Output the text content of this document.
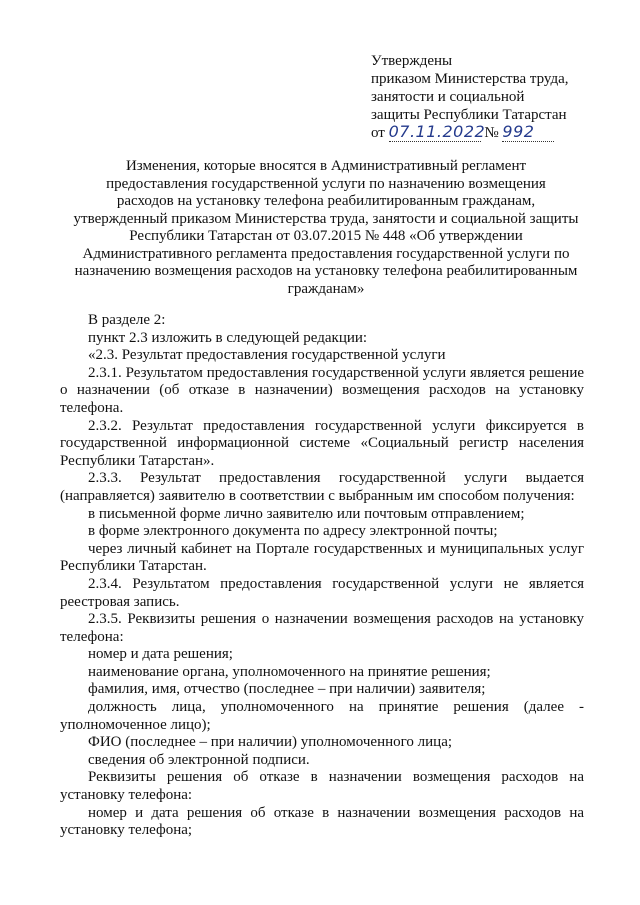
Утверждены
приказом Министерства труда,
занятости и социальной
защиты Республики Татарстан
от 07.11.2022 № 992
Изменения, которые вносятся в Административный регламент
предоставления государственной услуги по назначению возмещения
расходов на установку телефона реабилитированным гражданам,
утвержденный приказом Министерства труда, занятости и социальной защиты
Республики Татарстан от 03.07.2015 № 448 «Об утверждении
Административного регламента предоставления государственной услуги по
назначению возмещения расходов на установку телефона реабилитированным
гражданам»

В разделе 2:

пункт 2.3 изложить в следующей редакции:

«2.3. Результат предоставления государственной услуги

2.3.1. Результатом предоставления государственной услуги является решение о назначении (об отказе в назначении) возмещения расходов на установку телефона.

2.3.2. Результат предоставления государственной услуги фиксируется в государственной информационной системе «Социальный регистр населения Республики Татарстан».

2.3.3. Результат предоставления государственной услуги выдается (направляется) заявителю в соответствии с выбранным им способом получения:

в письменной форме лично заявителю или почтовым отправлением;

в форме электронного документа по адресу электронной почты;

через личный кабинет на Портале государственных и муниципальных услуг Республики Татарстан.

2.3.4. Результатом предоставления государственной услуги не является реестровая запись.

2.3.5. Реквизиты решения о назначении возмещения расходов на установку телефона:

номер и дата решения;

наименование органа, уполномоченного на принятие решения;

фамилия, имя, отчество (последнее – при наличии) заявителя;

должность лица, уполномоченного на принятие решения (далее - уполномоченное лицо);

ФИО (последнее – при наличии) уполномоченного лица;

сведения об электронной подписи.

Реквизиты решения об отказе в назначении возмещения расходов на установку телефона:

номер и дата решения об отказе в назначении возмещения расходов на установку телефона;
